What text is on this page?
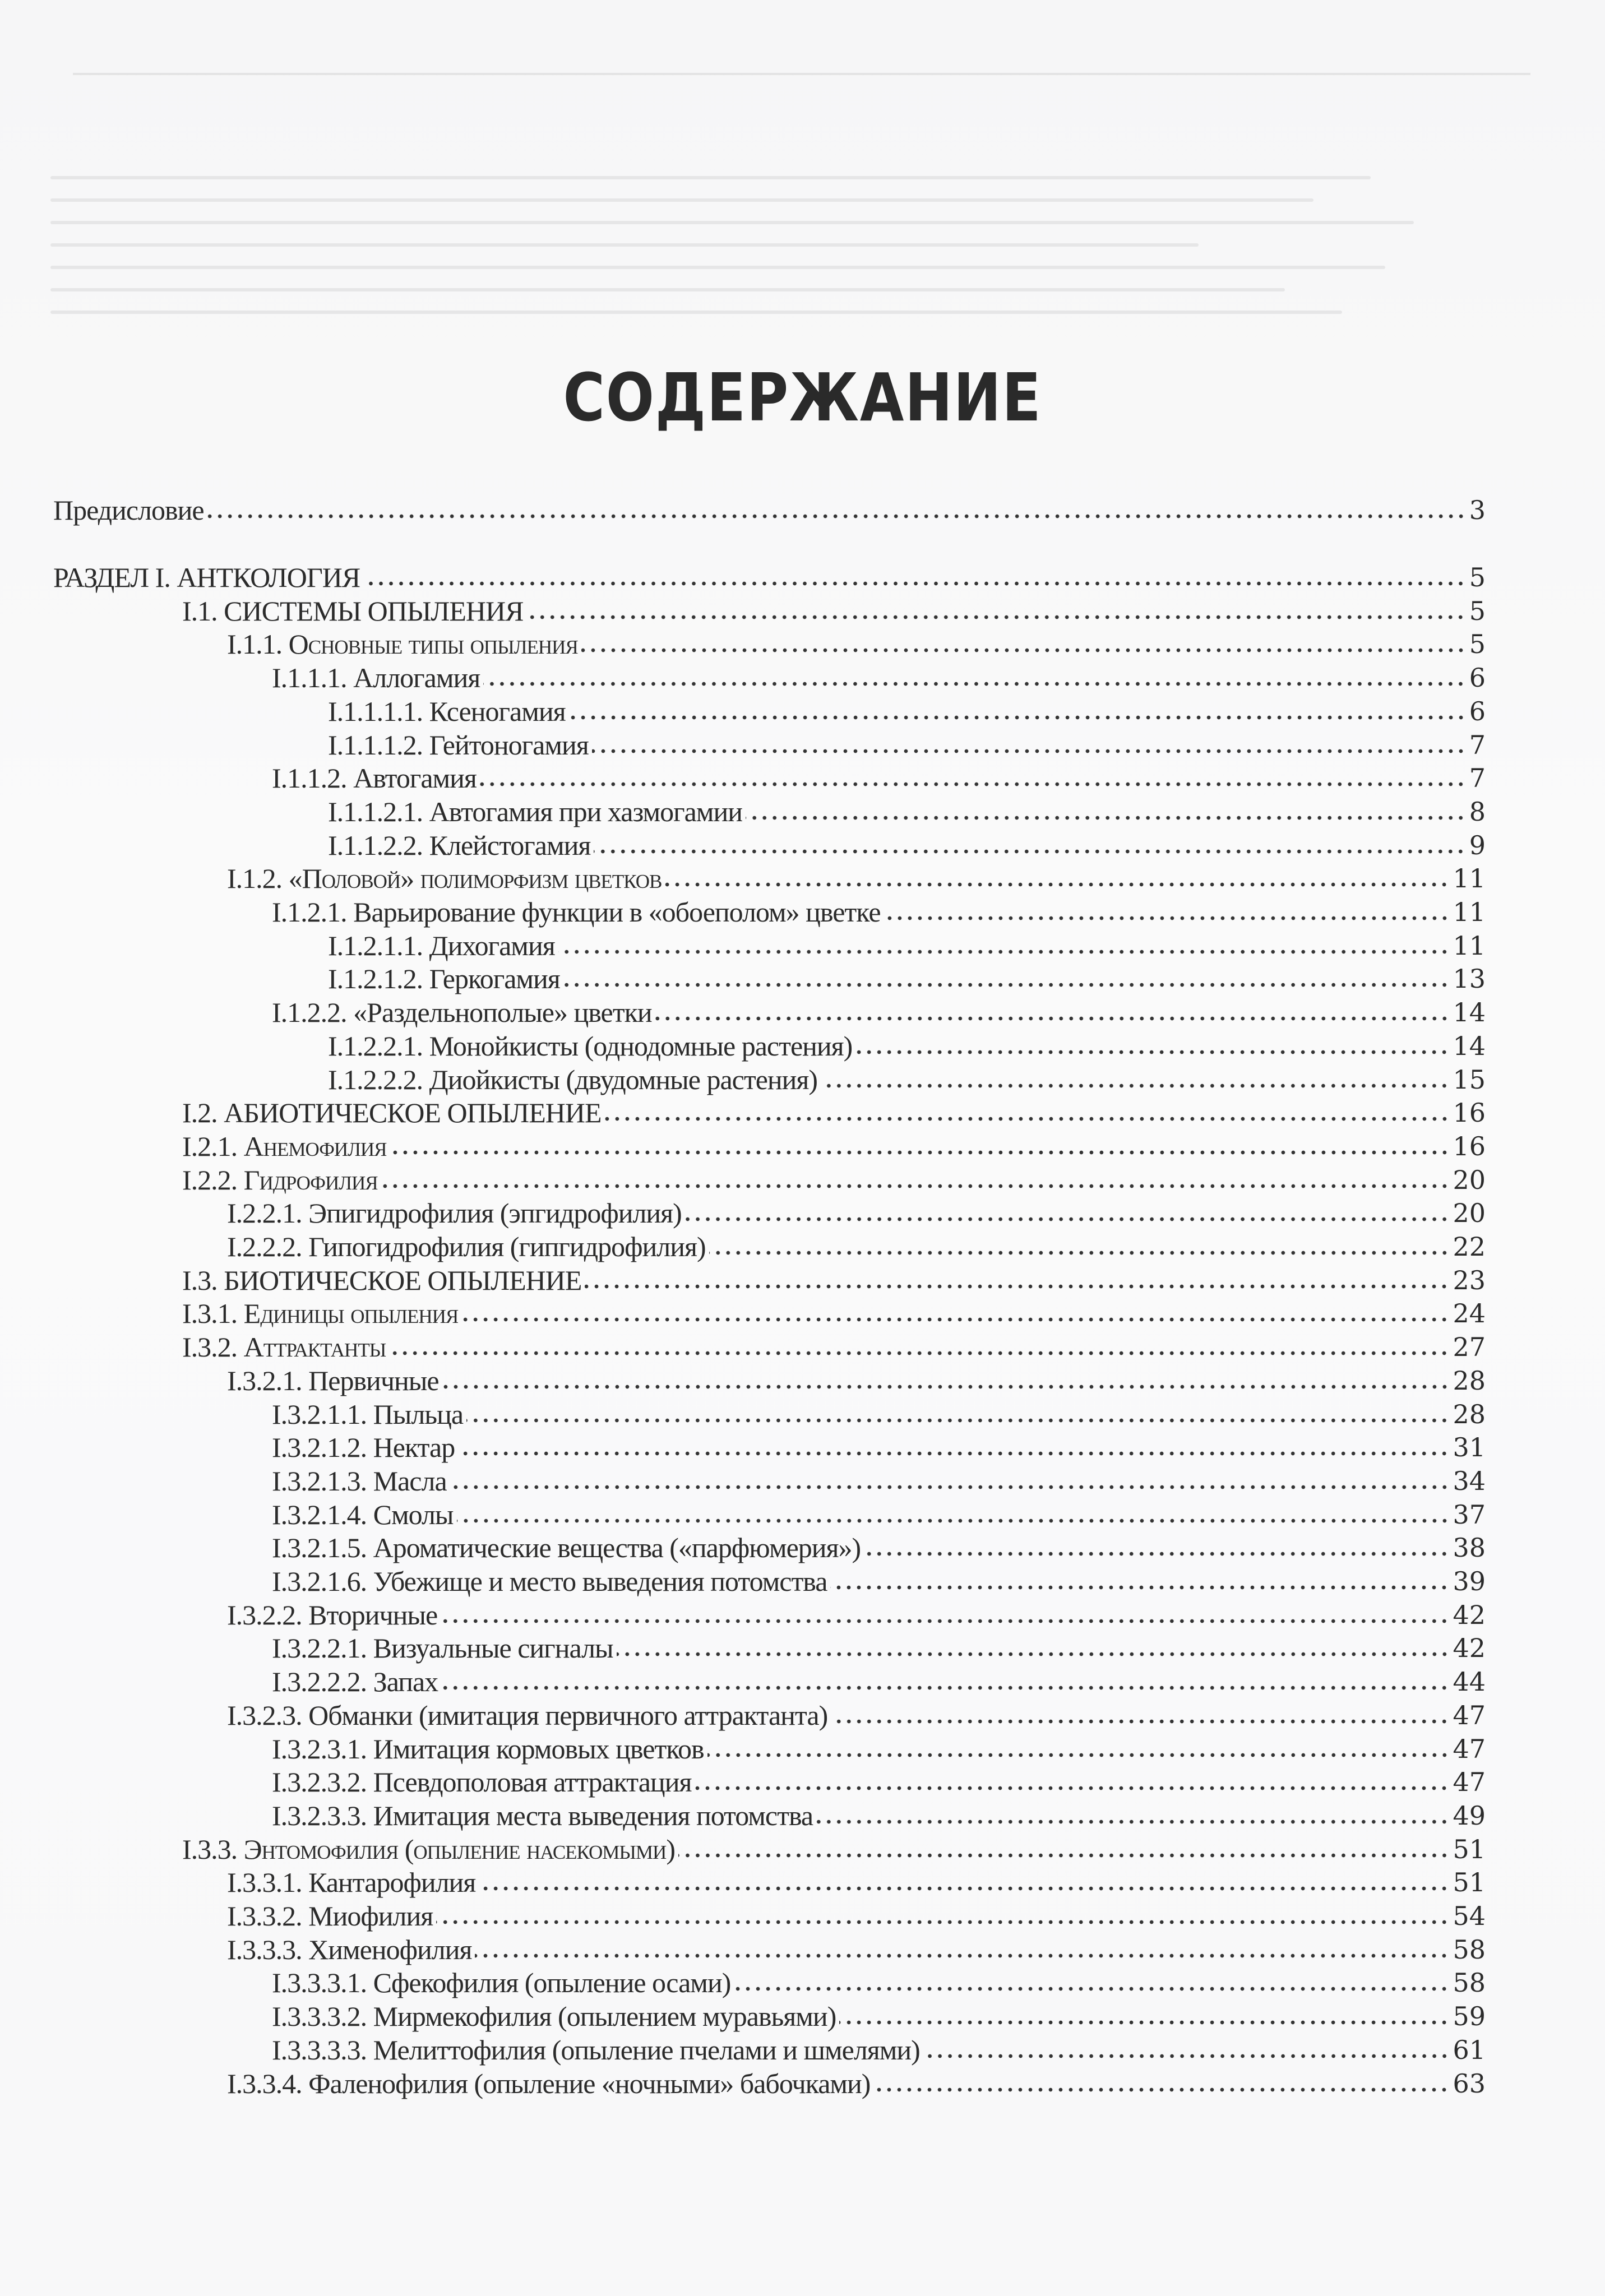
СОДЕРЖАНИЕ
Предисловие	3
РАЗДЕЛ I. АНТКОЛОГИЯ	5
I.1. СИСТЕМЫ ОПЫЛЕНИЯ	5
I.1.1. Основные типы опыления	5
I.1.1.1. Аллогамия	6
I.1.1.1.1. Ксеногамия	6
I.1.1.1.2. Гейтоногамия	7
I.1.1.2. Автогамия	7
I.1.1.2.1. Автогамия при хазмогамии	8
I.1.1.2.2. Клейстогамия	9
I.1.2. «Половой» полиморфизм цветков	11
I.1.2.1. Варьирование функции в «обоеполом» цветке	11
I.1.2.1.1. Дихогамия	11
I.1.2.1.2. Геркогамия	13
I.1.2.2. «Раздельнополые» цветки	14
I.1.2.2.1. Монойкисты (однодомные растения)	14
I.1.2.2.2. Диойкисты (двудомные растения)	15
I.2. АБИОТИЧЕСКОЕ ОПЫЛЕНИЕ	16
I.2.1. Анемофилия	16
I.2.2. Гидрофилия	20
I.2.2.1. Эпигидрофилия (эпгидрофилия)	20
I.2.2.2. Гипогидрофилия (гипгидрофилия)	22
I.3. БИОТИЧЕСКОЕ ОПЫЛЕНИЕ	23
I.3.1. Единицы опыления	24
I.3.2. Аттрактанты	27
I.3.2.1. Первичные	28
I.3.2.1.1. Пыльца	28
I.3.2.1.2. Нектар	31
I.3.2.1.3. Масла	34
I.3.2.1.4. Смолы	37
I.3.2.1.5. Ароматические вещества («парфюмерия»)	38
I.3.2.1.6. Убежище и место выведения потомства	39
I.3.2.2. Вторичные	42
I.3.2.2.1. Визуальные сигналы	42
I.3.2.2.2. Запах	44
I.3.2.3. Обманки (имитация первичного аттрактанта)	47
I.3.2.3.1. Имитация кормовых цветков	47
I.3.2.3.2. Псевдополовая аттрактация	47
I.3.2.3.3. Имитация места выведения потомства	49
I.3.3. Энтомофилия (опыление насекомыми)	51
I.3.3.1. Кантарофилия	51
I.3.3.2. Миофилия	54
I.3.3.3. Хименофилия	58
I.3.3.3.1. Сфекофилия (опыление осами)	58
I.3.3.3.2. Мирмекофилия (опылением муравьями)	59
I.3.3.3.3. Мелиттофилия (опыление пчелами и шмелями)	61
I.3.3.4. Фаленофилия (опыление «ночными» бабочками)	63
